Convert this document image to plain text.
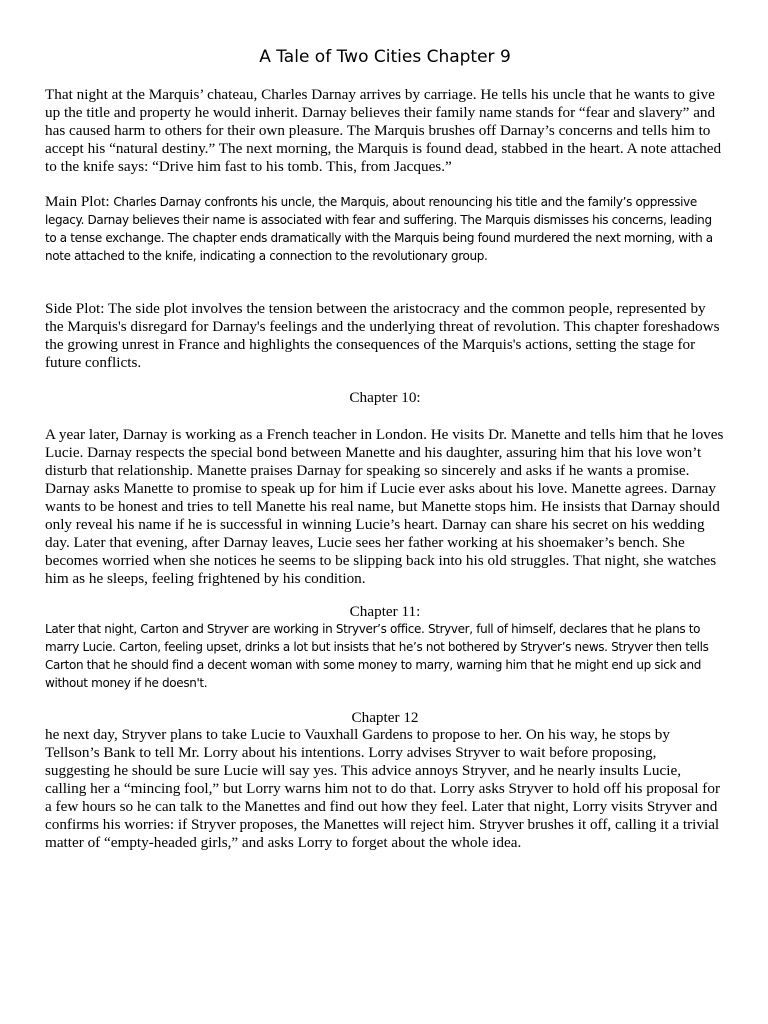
A Tale of Two Cities Chapter 9

That night at the Marquis’ chateau, Charles Darnay arrives by carriage. He tells his uncle that he wants to give up the title and property he would inherit. Darnay believes their family name stands for “fear and slavery” and has caused harm to others for their own pleasure. The Marquis brushes off Darnay’s concerns and tells him to accept his “natural destiny.” The next morning, the Marquis is found dead, stabbed in the heart. A note attached to the knife says: “Drive him fast to his tomb. This, from Jacques.”

Main Plot: Charles Darnay confronts his uncle, the Marquis, about renouncing his title and the family’s oppressive legacy. Darnay believes their name is associated with fear and suffering. The Marquis dismisses his concerns, leading to a tense exchange. The chapter ends dramatically with the Marquis being found murdered the next morning, with a note attached to the knife, indicating a connection to the revolutionary group.

Side Plot: The side plot involves the tension between the aristocracy and the common people, represented by the Marquis's disregard for Darnay's feelings and the underlying threat of revolution. This chapter foreshadows the growing unrest in France and highlights the consequences of the Marquis's actions, setting the stage for future conflicts.

Chapter 10:

A year later, Darnay is working as a French teacher in London. He visits Dr. Manette and tells him that he loves Lucie. Darnay respects the special bond between Manette and his daughter, assuring him that his love won’t disturb that relationship. Manette praises Darnay for speaking so sincerely and asks if he wants a promise. Darnay asks Manette to promise to speak up for him if Lucie ever asks about his love. Manette agrees. Darnay wants to be honest and tries to tell Manette his real name, but Manette stops him. He insists that Darnay should only reveal his name if he is successful in winning Lucie’s heart. Darnay can share his secret on his wedding day. Later that evening, after Darnay leaves, Lucie sees her father working at his shoemaker’s bench. She becomes worried when she notices he seems to be slipping back into his old struggles. That night, she watches him as he sleeps, feeling frightened by his condition.

Chapter 11:

Later that night, Carton and Stryver are working in Stryver’s office. Stryver, full of himself, declares that he plans to marry Lucie. Carton, feeling upset, drinks a lot but insists that he’s not bothered by Stryver’s news. Stryver then tells Carton that he should find a decent woman with some money to marry, warning him that he might end up sick and without money if he doesn't.

Chapter 12

he next day, Stryver plans to take Lucie to Vauxhall Gardens to propose to her. On his way, he stops by Tellson’s Bank to tell Mr. Lorry about his intentions. Lorry advises Stryver to wait before proposing, suggesting he should be sure Lucie will say yes. This advice annoys Stryver, and he nearly insults Lucie, calling her a “mincing fool,” but Lorry warns him not to do that. Lorry asks Stryver to hold off his proposal for a few hours so he can talk to the Manettes and find out how they feel. Later that night, Lorry visits Stryver and confirms his worries: if Stryver proposes, the Manettes will reject him. Stryver brushes it off, calling it a trivial matter of “empty-headed girls,” and asks Lorry to forget about the whole idea.
